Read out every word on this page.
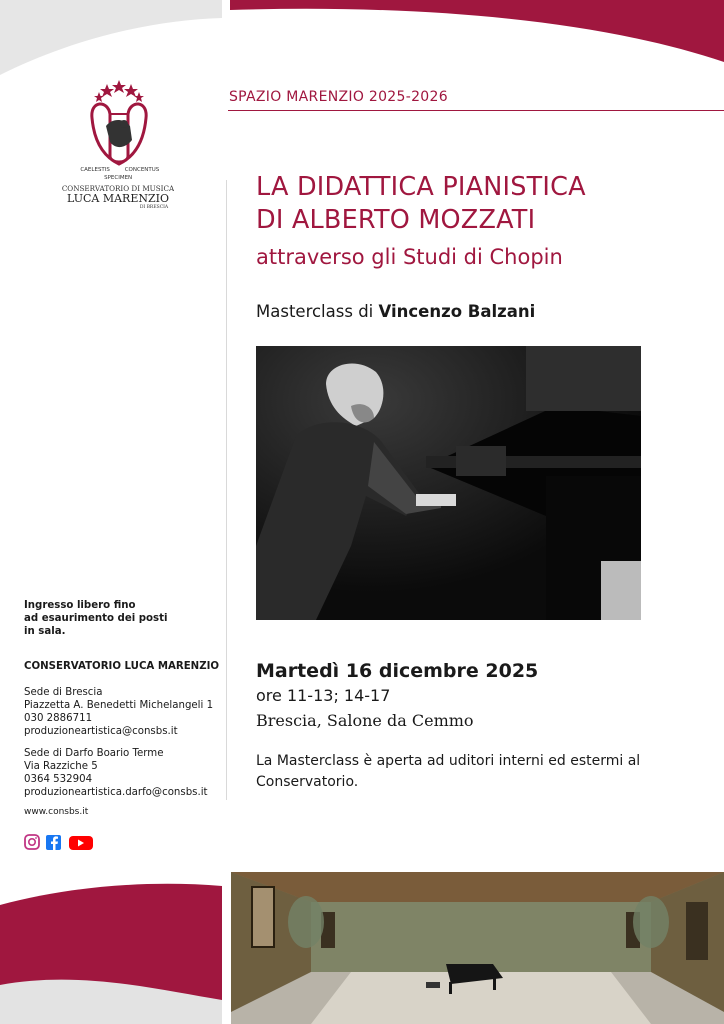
SPAZIO MARENZIO 2025-2026
CAELESTIS SPECIMEN CONCENTUS
CONSERVATORIO DI MUSICA
LUCA MARENZIO
DI BRESCIA
LA DIDATTICA PIANISTICA
DI ALBERTO MOZZATI
attraverso gli Studi di Chopin
Masterclass di Vincenzo Balzani
Martedì 16 dicembre 2025
ore 11-13; 14-17
Brescia, Salone da Cemmo
La Masterclass è aperta ad uditori interni ed estermi al Conservatorio.
Ingresso libero fino
ad esaurimento dei posti
in sala.
CONSERVATORIO LUCA MARENZIO
Sede di Brescia
Piazzetta A. Benedetti Michelangeli 1
030 2886711
produzioneartistica@consbs.it
Sede di Darfo Boario Terme
Via Razziche 5
0364 532904
produzioneartistica.darfo@consbs.it
www.consbs.it
